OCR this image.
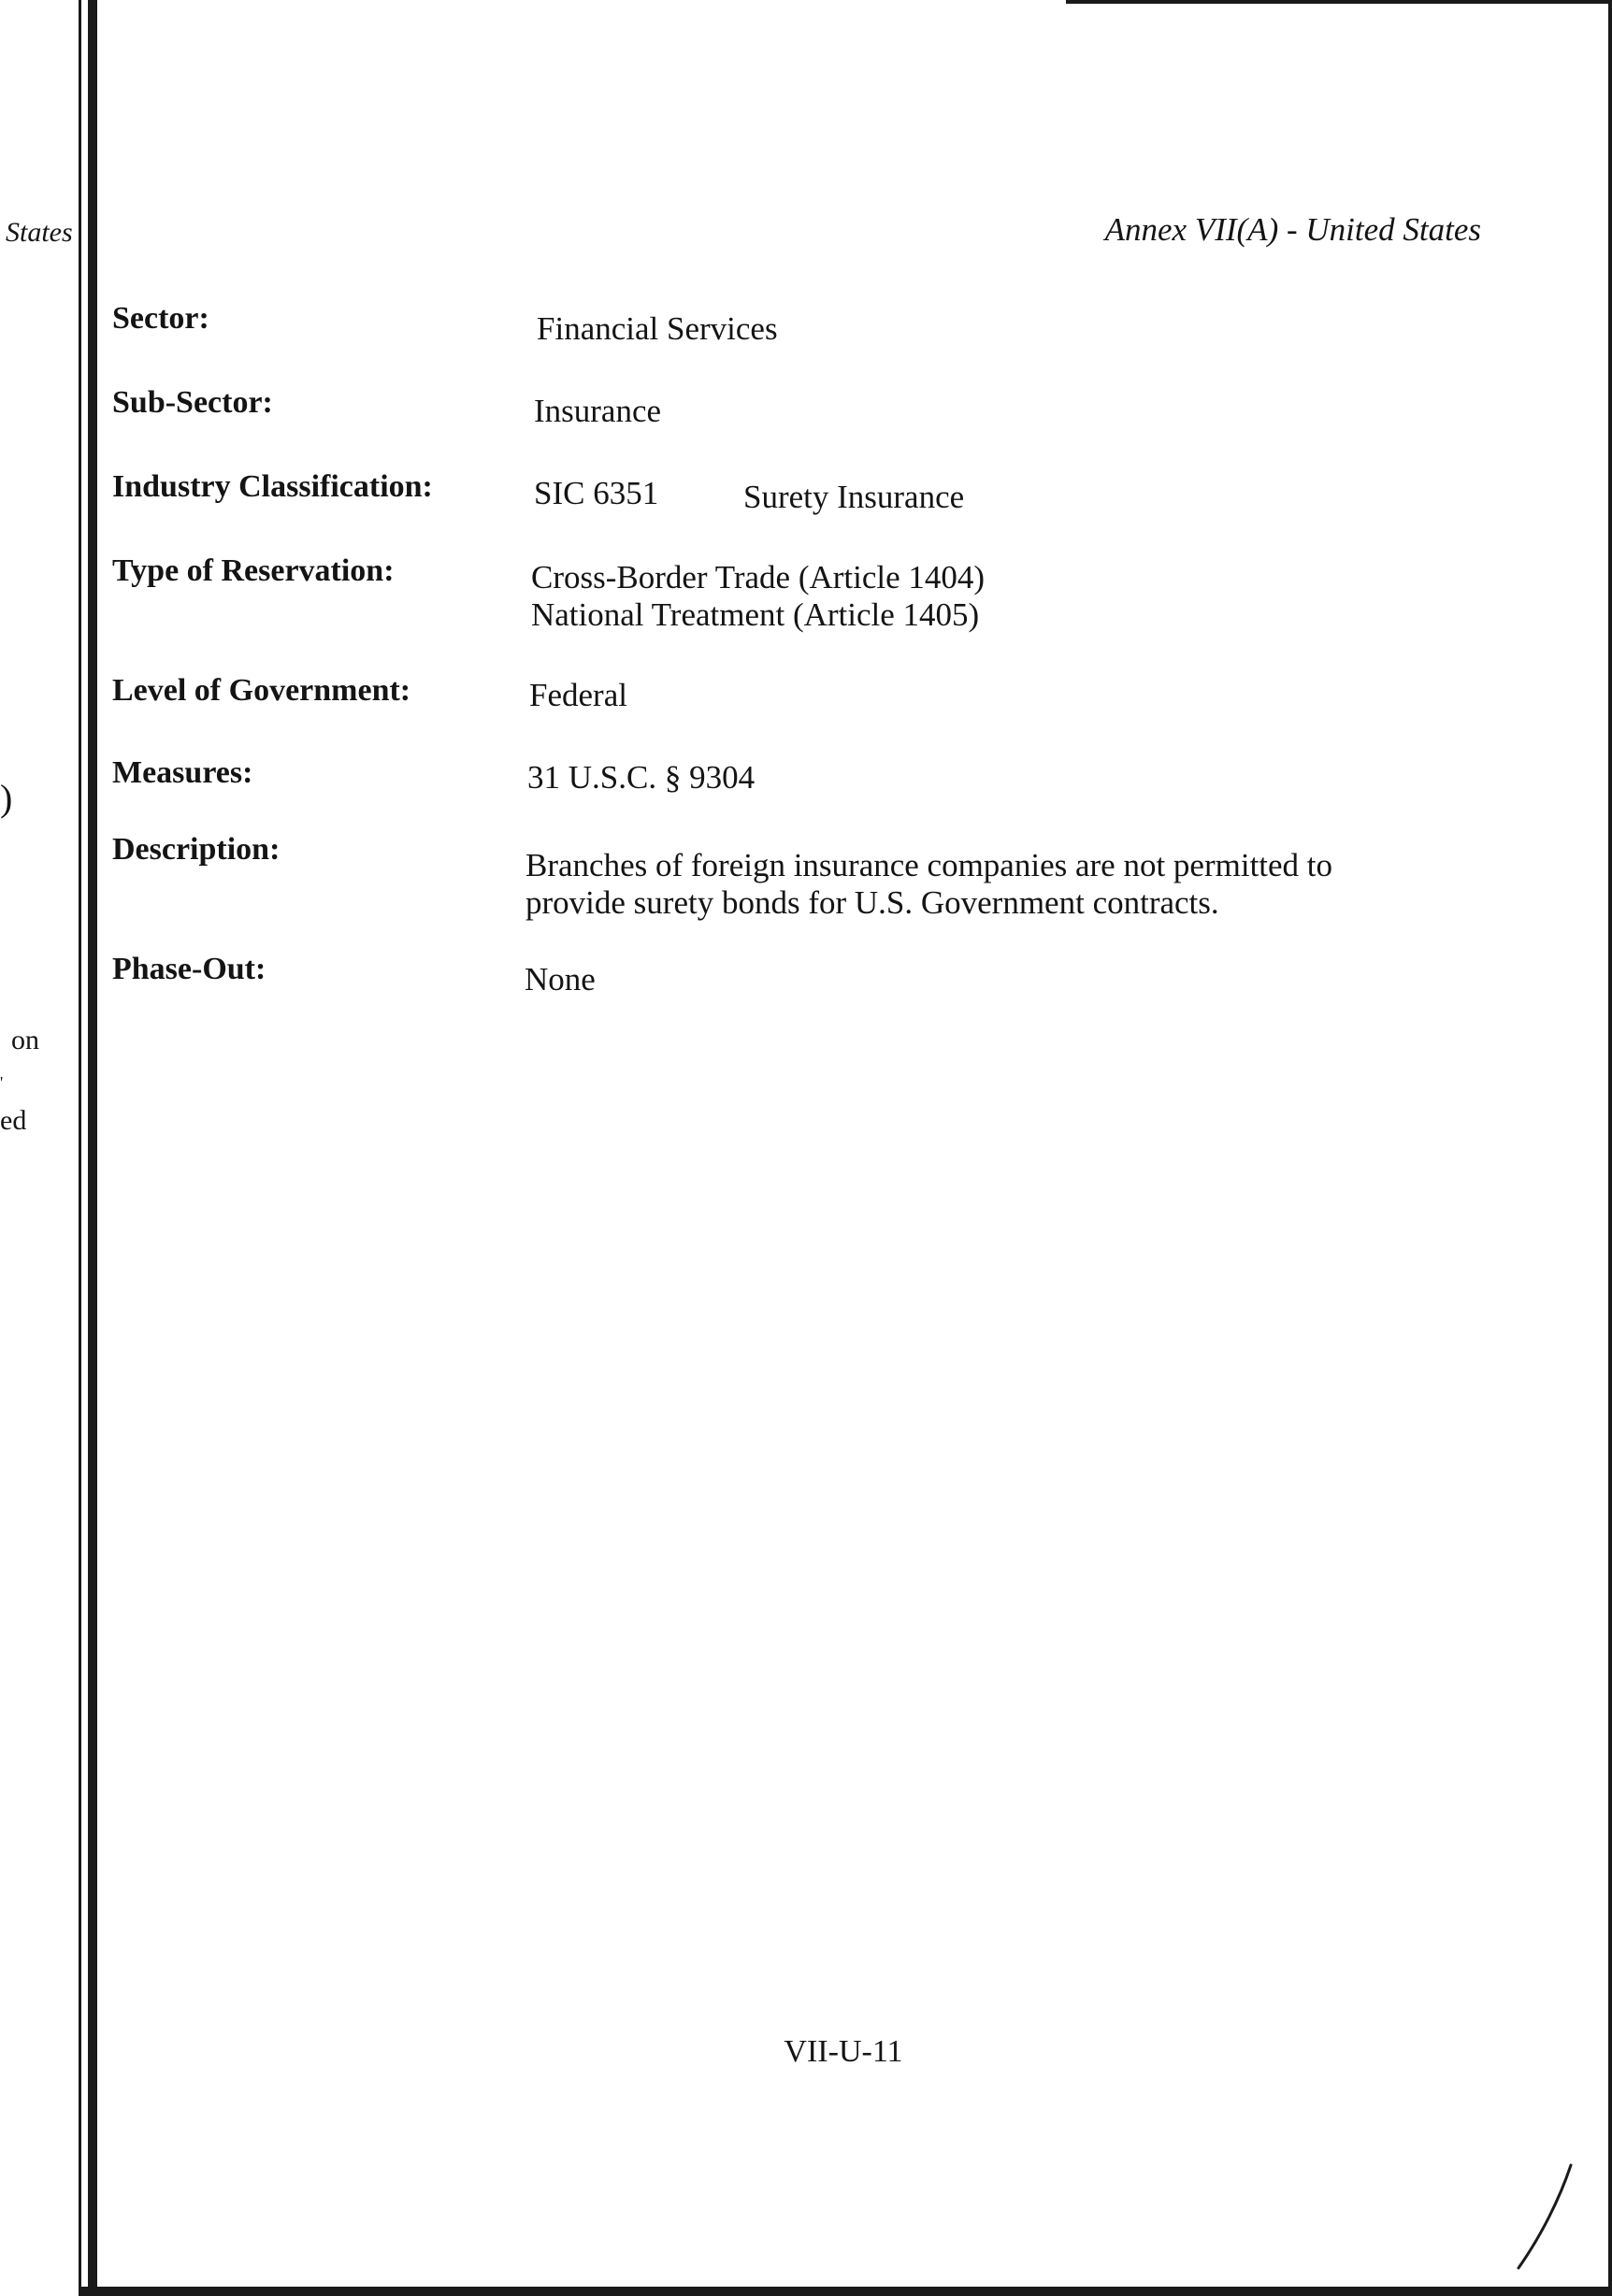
States
)
on
'
ed
Annex VII(A) - United States
Sector:	Financial Services
Sub-Sector:	Insurance
Industry Classification:	SIC 6351	Surety Insurance
Type of Reservation:	Cross-Border Trade (Article 1404)
National Treatment (Article 1405)
Level of Government:	Federal
Measures:	31 U.S.C. § 9304
Description:	Branches of foreign insurance companies are not permitted to
provide surety bonds for U.S. Government contracts.
Phase-Out:	None
VII-U-11
